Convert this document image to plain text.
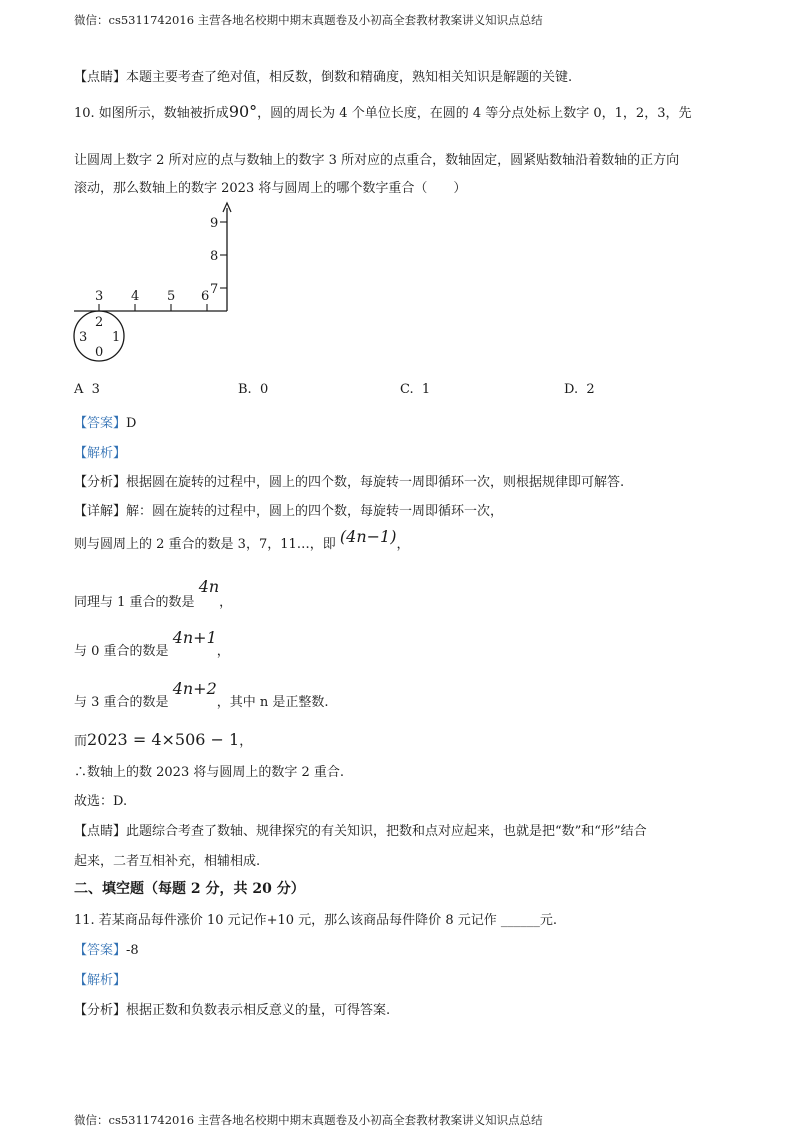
微信：cs5311742016 主营各地名校期中期末真题卷及小初高全套教材教案讲义知识点总结
【点睛】本题主要考查了绝对值，相反数，倒数和精确度，熟知相关知识是解题的关键.
10. 如图所示，数轴被折成90°，圆的周长为 4 个单位长度，在圆的 4 等分点处标上数字 0，1，2，3，先
让圆周上数字 2 所对应的点与数轴上的数字 3 所对应的点重合，数轴固定，圆紧贴数轴沿着数轴的正方向
滚动，那么数轴上的数字 2023 将与圆周上的哪个数字重合（　　）
3 4 5 6 7
8
9
2
1
0
3
A 3	B. 0	C. 1	D. 2
【答案】D
【解析】
【分析】根据圆在旋转的过程中，圆上的四个数，每旋转一周即循环一次，则根据规律即可解答.
【详解】解：圆在旋转的过程中，圆上的四个数，每旋转一周即循环一次，
则与圆周上的 2 重合的数是 3，7，11…，即 (4n−1)，
同理与 1 重合的数是 4n，
与 0 重合的数是 4n+1，
与 3 重合的数是 4n+2，其中 n 是正整数.
而2023 = 4×506 − 1，
∴数轴上的数 2023 将与圆周上的数字 2 重合.
故选：D.
【点睛】此题综合考查了数轴、规律探究的有关知识，把数和点对应起来，也就是把“数”和“形”结合
起来，二者互相补充，相辅相成.
二、填空题（每题 2 分，共 20 分）
11. 若某商品每件涨价 10 元记作+10 元，那么该商品每件降价 8 元记作 ______元.
【答案】-8
【解析】
【分析】根据正数和负数表示相反意义的量，可得答案.
微信：cs5311742016 主营各地名校期中期末真题卷及小初高全套教材教案讲义知识点总结
